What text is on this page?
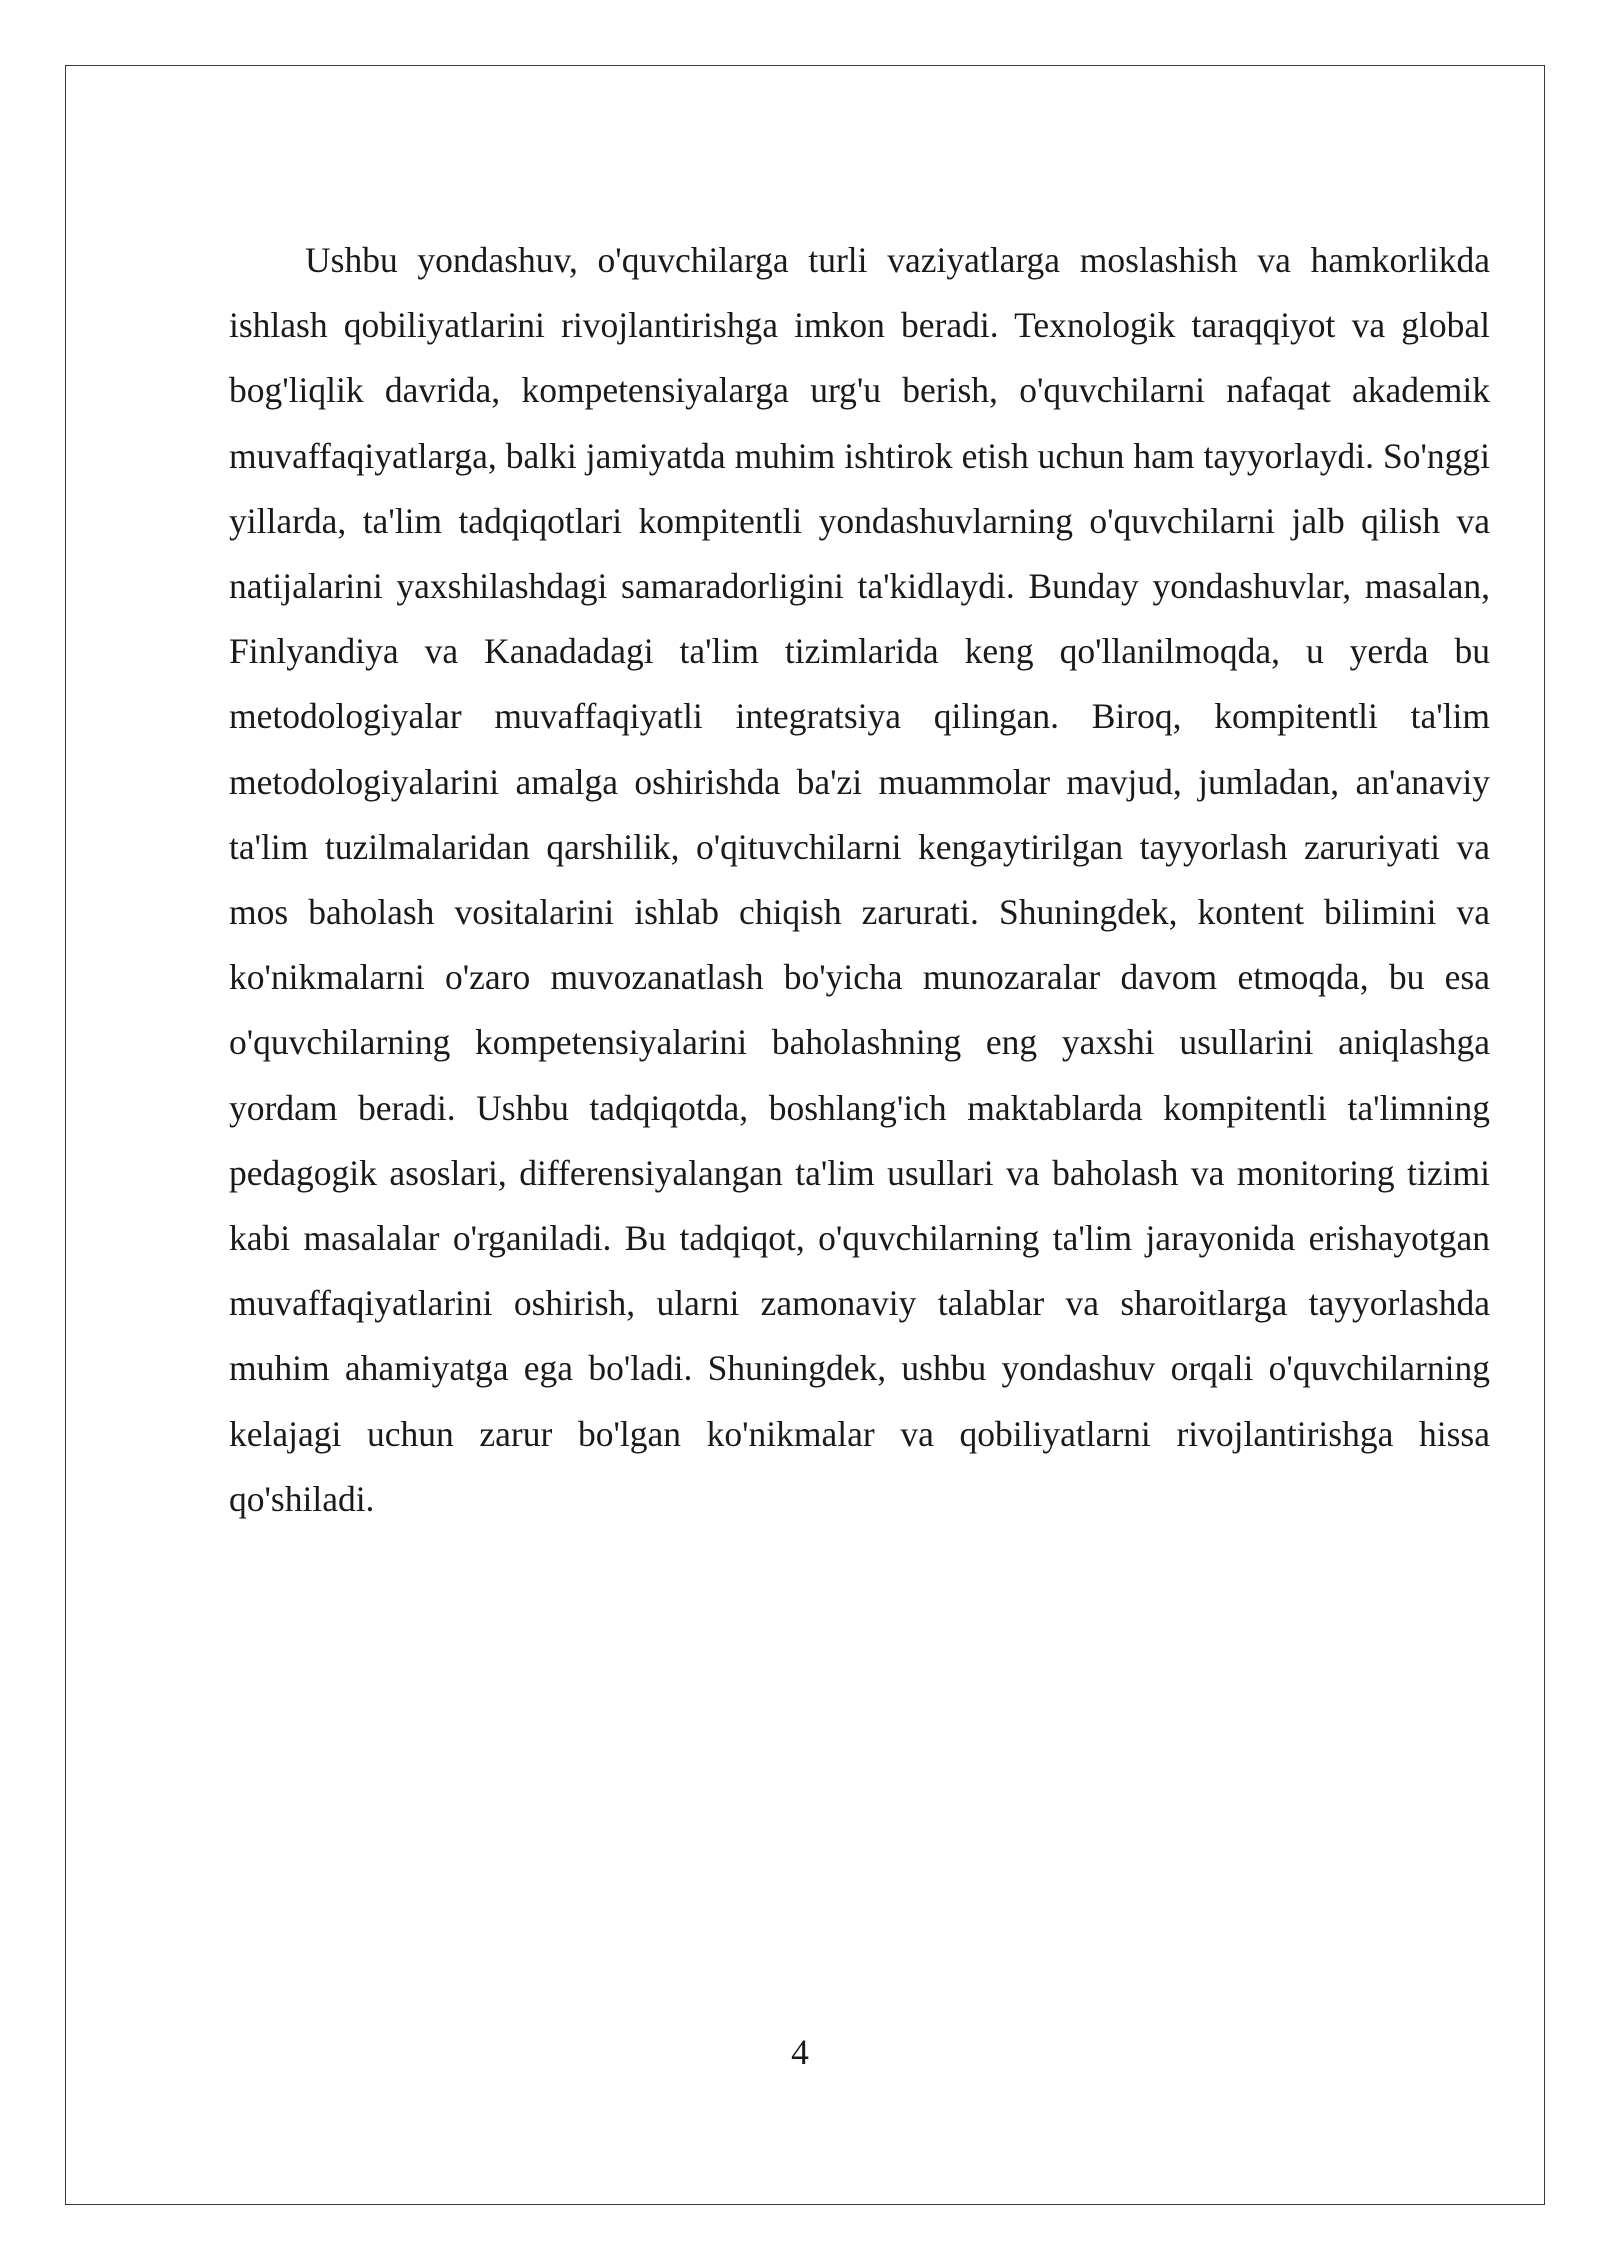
Ushbu yondashuv, o'quvchilarga turli vaziyatlarga moslashish va hamkorlikda ishlash qobiliyatlarini rivojlantirishga imkon beradi. Texnologik taraqqiyot va global bog'liqlik davrida, kompetensiyalarga urg'u berish, o'quvchilarni nafaqat akademik muvaffaqiyatlarga, balki jamiyatda muhim ishtirok etish uchun ham tayyorlaydi. So'nggi yillarda, ta'lim tadqiqotlari kompitentli yondashuvlarning o'quvchilarni jalb qilish va natijalarini yaxshilashdagi samaradorligini ta'kidlaydi. Bunday yondashuvlar, masalan, Finlyandiya va Kanadadagi ta'lim tizimlarida keng qo'llanilmoqda, u yerda bu metodologiyalar muvaffaqiyatli integratsiya qilingan. Biroq, kompitentli ta'lim metodologiyalarini amalga oshirishda ba'zi muammolar mavjud, jumladan, an'anaviy ta'lim tuzilmalaridan qarshilik, o'qituvchilarni kengaytirilgan tayyorlash zaruriyati va mos baholash vositalarini ishlab chiqish zarurati. Shuningdek, kontent bilimini va ko'nikmalarni o'zaro muvozanatlash bo'yicha munozaralar davom etmoqda, bu esa o'quvchilarning kompetensiyalarini baholashning eng yaxshi usullarini aniqlashga yordam beradi. Ushbu tadqiqotda, boshlang'ich maktablarda kompitentli ta'limning pedagogik asoslari, differensiyalangan ta'lim usullari va baholash va monitoring tizimi kabi masalalar o'rganiladi. Bu tadqiqot, o'quvchilarning ta'lim jarayonida erishayotgan muvaffaqiyatlarini oshirish, ularni zamonaviy talablar va sharoitlarga tayyorlashda muhim ahamiyatga ega bo'ladi. Shuningdek, ushbu yondashuv orqali o'quvchilarning kelajagi uchun zarur bo'lgan ko'nikmalar va qobiliyatlarni rivojlantirishga hissa qo'shiladi.

4
